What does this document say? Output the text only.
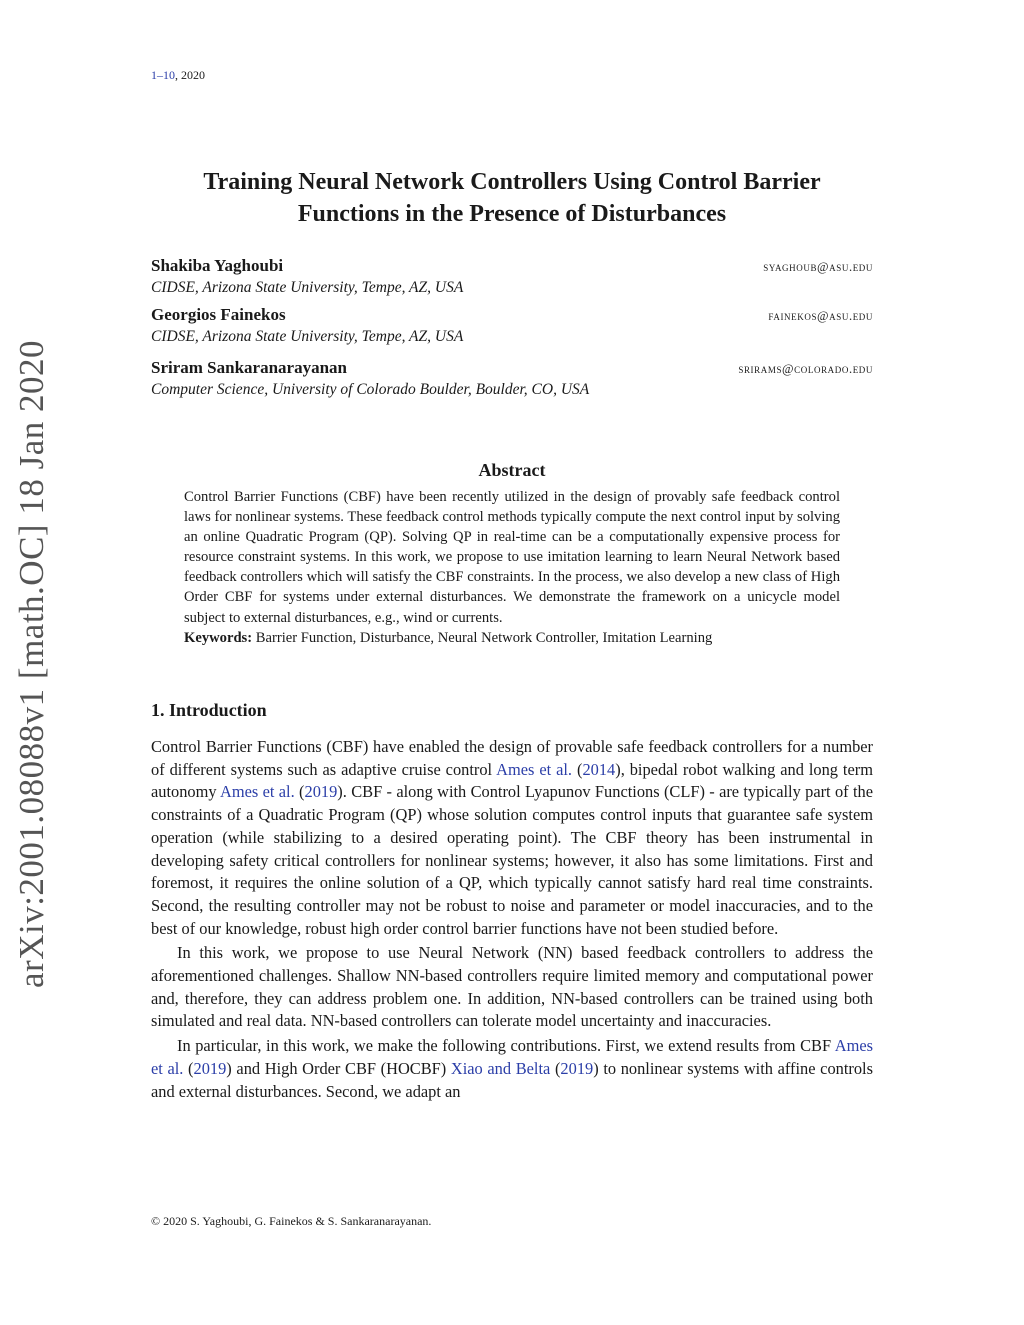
1–10, 2020
arXiv:2001.08088v1 [math.OC] 18 Jan 2020
Training Neural Network Controllers Using Control Barrier
Functions in the Presence of Disturbances
Shakiba Yaghoubi	syaghoub@asu.edu
CIDSE, Arizona State University, Tempe, AZ, USA
Georgios Fainekos	fainekos@asu.edu
CIDSE, Arizona State University, Tempe, AZ, USA
Sriram Sankaranarayanan	srirams@colorado.edu
Computer Science, University of Colorado Boulder, Boulder, CO, USA
Abstract
Control Barrier Functions (CBF) have been recently utilized in the design of provably safe feedback control laws for nonlinear systems. These feedback control methods typically compute the next control input by solving an online Quadratic Program (QP). Solving QP in real-time can be a computationally expensive process for resource constraint systems. In this work, we propose to use imitation learning to learn Neural Network based feedback controllers which will satisfy the CBF constraints. In the process, we also develop a new class of High Order CBF for systems under external disturbances. We demonstrate the framework on a unicycle model subject to external disturbances, e.g., wind or currents.
Keywords: Barrier Function, Disturbance, Neural Network Controller, Imitation Learning
1. Introduction

Control Barrier Functions (CBF) have enabled the design of provable safe feedback controllers for a number of different systems such as adaptive cruise control Ames et al. (2014), bipedal robot walking and long term autonomy Ames et al. (2019). CBF - along with Control Lyapunov Functions (CLF) - are typically part of the constraints of a Quadratic Program (QP) whose solution computes control inputs that guarantee safe system operation (while stabilizing to a desired operating point). The CBF theory has been instrumental in developing safety critical controllers for nonlinear systems; however, it also has some limitations. First and foremost, it requires the online solution of a QP, which typically cannot satisfy hard real time constraints. Second, the resulting controller may not be robust to noise and parameter or model inaccuracies, and to the best of our knowledge, robust high order control barrier functions have not been studied before.

In this work, we propose to use Neural Network (NN) based feedback controllers to address the aforementioned challenges. Shallow NN-based controllers require limited memory and computational power and, therefore, they can address problem one. In addition, NN-based controllers can be trained using both simulated and real data. NN-based controllers can tolerate model uncertainty and inaccuracies.

In particular, in this work, we make the following contributions. First, we extend results from CBF Ames et al. (2019) and High Order CBF (HOCBF) Xiao and Belta (2019) to nonlinear systems with affine controls and external disturbances. Second, we adapt an

© 2020 S. Yaghoubi, G. Fainekos & S. Sankaranarayanan.
